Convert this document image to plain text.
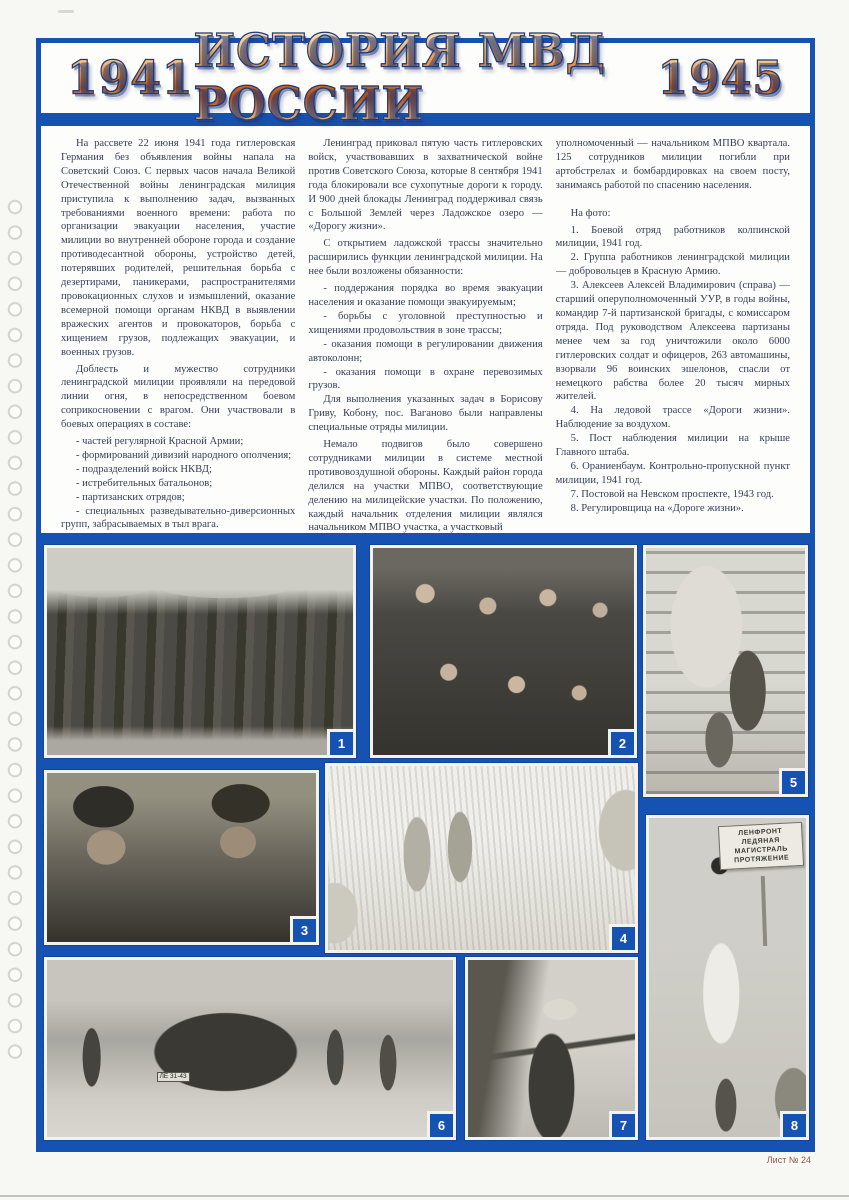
1941 ИСТОРИЯ МВД РОССИИ	1945

На рассвете 22 июня 1941 года гитлеровская Германия без объявления войны напала на Советский Союз. С первых часов начала Великой Отечественной войны ленинградская милиция приступила к выполнению задач, вызванных требованиями военного времени: работа по организации эвакуации населения, участие милиции во внутренней обороне города и создание противодесантной обороны, устройство детей, потерявших родителей, решительная борьба с дезертирами, паникерами, распространителями провокационных слухов и измышлений, оказание всемерной помощи органам НКВД в выявлении вражеских агентов и провокаторов, борьба с хищением грузов, подлежащих эвакуации, и военных грузов.

Доблесть и мужество сотрудники ленинградской милиции проявляли на передовой линии огня, в непосредственном боевом соприкосновении с врагом. Они участвовали в боевых операциях в составе:

- частей регулярной Красной Армии;

- формирований дивизий народного ополчения;

- подразделений войск НКВД;

- истребительных батальонов;

- партизанских отрядов;

- специальных разведывательно-диверсионных групп, забрасываемых в тыл врага.

Ленинград приковал пятую часть гитлеровских войск, участвовавших в захватнической войне против Советского Союза, которые 8 сентября 1941 года блокировали все сухопутные дороги к городу. И 900 дней блокады Ленинград поддерживал связь с Большой Землей через Ладожское озеро — «Дорогу жизни».

С открытием ладожской трассы значительно расширились функции ленинградской милиции. На нее были возложены обязанности:

- поддержания порядка во время эвакуации населения и оказание помощи эвакуируемым;

- борьбы с уголовной преступностью и хищениями продовольствия в зоне трассы;

- оказания помощи в регулировании движения автоколонн;

- оказания помощи в охране перевозимых грузов.

Для выполнения указанных задач в Борисову Гриву, Кобону, пос. Ваганово были направлены специальные отряды милиции.

Немало подвигов было совершено сотрудниками милиции в системе местной противовоздушной обороны. Каждый район города делился на участки МПВО, соответствующие делению на милицейские участки. По положению, каждый начальник отделения милиции являлся начальником МПВО участка, а участковый

уполномоченный — начальником МПВО квартала. 125 сотрудников милиции погибли при артобстрелах и бомбардировках на своем посту, занимаясь работой по спасению населения.

На фото:

1. Боевой отряд работников колпинской милиции, 1941 год.

2. Группа работников ленинградской милиции — добровольцев в Красную Армию.

3. Алексеев Алексей Владимирович (справа) — старший оперуполномоченный УУР, в годы войны, командир 7-й партизанской бригады, с комиссаром отряда. Под руководством Алексеева партизаны менее чем за год уничтожили около 6000 гитлеровских солдат и офицеров, 263 автомашины, взорвали 96 воинских эшелонов, спасли от немецкого рабства более 20 тысяч мирных жителей.

4. На ледовой трассе «Дороги жизни». Наблюдение за воздухом.

5. Пост наблюдения милиции на крыше Главного штаба.

6. Ораниенбаум. Контрольно-пропускной пункт милиции, 1941 год.

7. Постовой на Невском проспекте, 1943 год.

8. Регулировщица на «Дороге жизни».

1	2
5
3
4
ЛЕНФРОНТ
ЛЕДЯНАЯ
МАГИСТРАЛЬ
ПРОТЯЖЕНИЕ
8
ЛЕ 31-43
6	7
Лист № 24
